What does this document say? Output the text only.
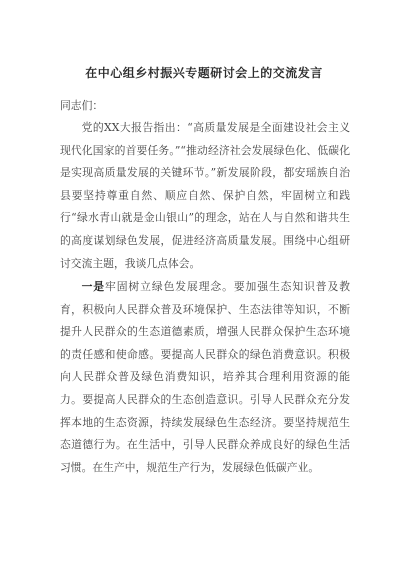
在中心组乡村振兴专题研讨会上的交流发言
同志们：
党的XX大报告指出：“高质量发展是全面建设社会主义现代化国家的首要任务。”“推动经济社会发展绿色化、低碳化是实现高质量发展的关键环节。”新发展阶段，都安瑶族自治县要坚持尊重自然、顺应自然、保护自然，牢固树立和践行“绿水青山就是金山银山”的理念，站在人与自然和谐共生的高度谋划绿色发展，促进经济高质量发展。围绕中心组研讨交流主题，我谈几点体会。
一是牢固树立绿色发展理念。要加强生态知识普及教育，积极向人民群众普及环境保护、生态法律等知识，不断提升人民群众的生态道德素质，增强人民群众保护生态环境的责任感和使命感。要提高人民群众的绿色消费意识。积极向人民群众普及绿色消费知识，培养其合理利用资源的能力。要提高人民群众的生态创造意识。引导人民群众充分发挥本地的生态资源，持续发展绿色生态经济。要坚持规范生态道德行为。在生活中，引导人民群众养成良好的绿色生活习惯。在生产中，规范生产行为，发展绿色低碳产业。
